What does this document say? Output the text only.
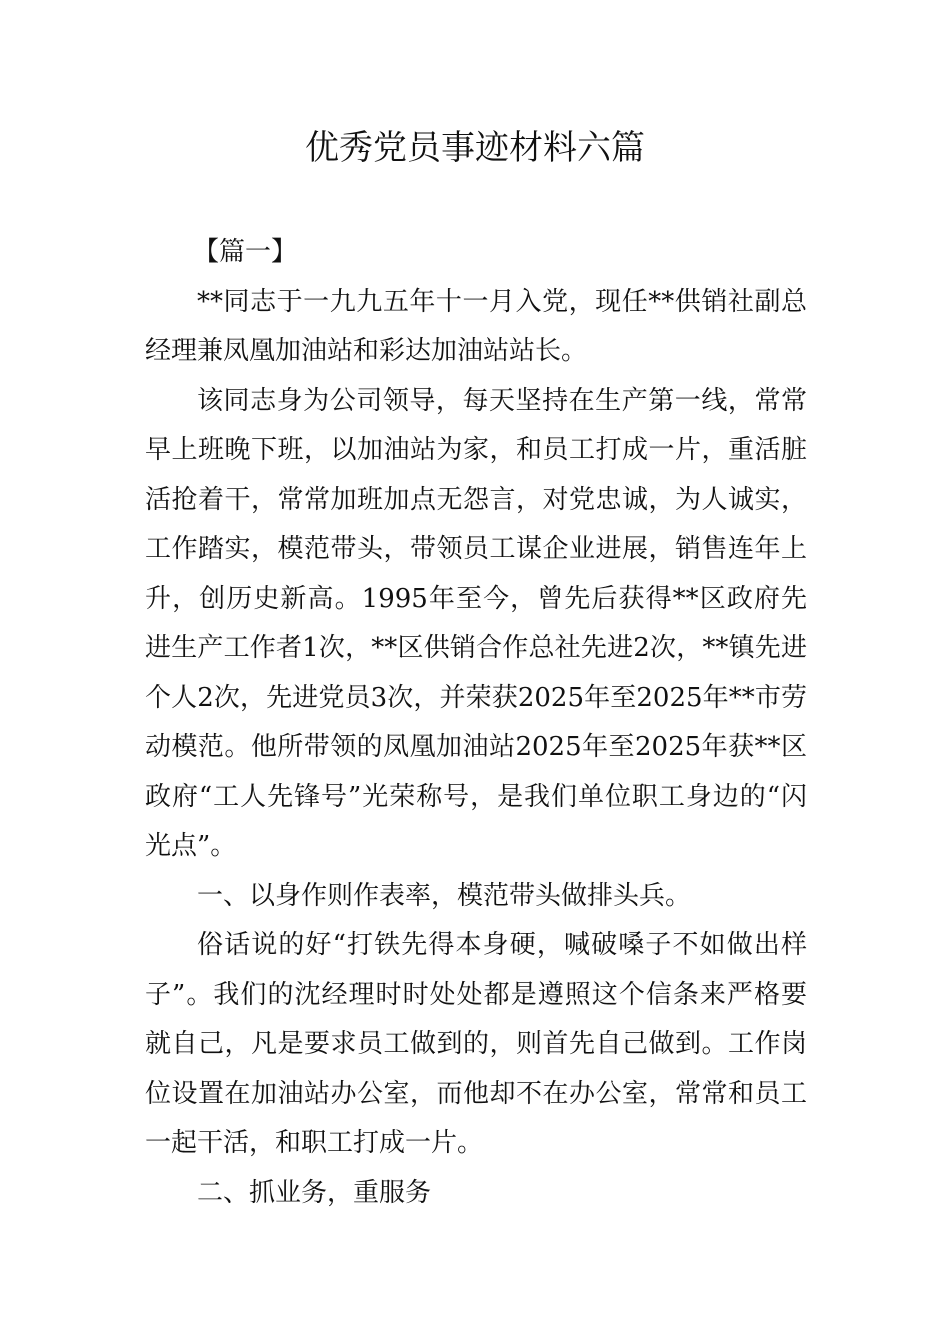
优秀党员事迹材料六篇

【篇一】

**同志于一九九五年十一月入党，现任**供销社副总经理兼凤凰加油站和彩达加油站站长。

该同志身为公司领导，每天坚持在生产第一线，常常早上班晚下班，以加油站为家，和员工打成一片，重活脏活抢着干，常常加班加点无怨言，对党忠诚，为人诚实，工作踏实，模范带头，带领员工谋企业进展，销售连年上升，创历史新高。1995年至今，曾先后获得**区政府先进生产工作者1次，**区供销合作总社先进2次，**镇先进个人2次，先进党员3次，并荣获2025年至2025年**市劳动模范。他所带领的凤凰加油站2025年至2025年获**区政府“工人先锋号”光荣称号，是我们单位职工身边的“闪光点”。

一、以身作则作表率，模范带头做排头兵。

俗话说的好“打铁先得本身硬，喊破嗓子不如做出样子”。我们的沈经理时时处处都是遵照这个信条来严格要就自己，凡是要求员工做到的，则首先自己做到。工作岗位设置在加油站办公室，而他却不在办公室，常常和员工一起干活，和职工打成一片。

二、抓业务，重服务
